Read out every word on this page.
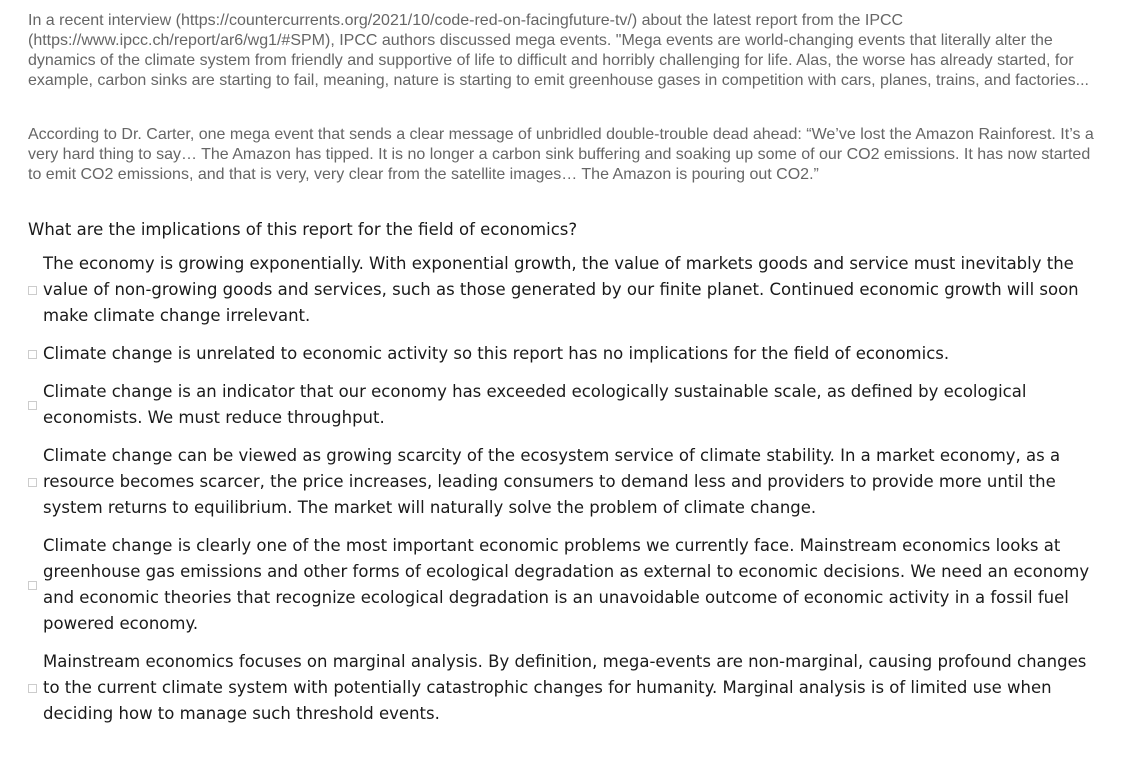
In a recent interview (https://countercurrents.org/2021/10/code-red-on-facingfuture-tv/) about the latest report from the IPCC (https://www.ipcc.ch/report/ar6/wg1/#SPM), IPCC authors discussed mega events. "Mega events are world-changing events that literally alter the dynamics of the climate system from friendly and supportive of life to difficult and horribly challenging for life. Alas, the worse has already started, for example, carbon sinks are starting to fail, meaning, nature is starting to emit greenhouse gases in competition with cars, planes, trains, and factories...

According to Dr. Carter, one mega event that sends a clear message of unbridled double-trouble dead ahead: “We’ve lost the Amazon Rainforest. It’s a very hard thing to say… The Amazon has tipped. It is no longer a carbon sink buffering and soaking up some of our CO2 emissions. It has now started to emit CO2 emissions, and that is very, very clear from the satellite images… The Amazon is pouring out CO2.”

What are the implications of this report for the field of economics?

The economy is growing exponentially. With exponential growth, the value of markets goods and service must inevitably the value of non-growing goods and services, such as those generated by our finite planet. Continued economic growth will soon make climate change irrelevant.
Climate change is unrelated to economic activity so this report has no implications for the field of economics.
Climate change is an indicator that our economy has exceeded ecologically sustainable scale, as defined by ecological economists. We must reduce throughput.
Climate change can be viewed as growing scarcity of the ecosystem service of climate stability. In a market economy, as a resource becomes scarcer, the price increases, leading consumers to demand less and providers to provide more until the system returns to equilibrium. The market will naturally solve the problem of climate change.
Climate change is clearly one of the most important economic problems we currently face. Mainstream economics looks at greenhouse gas emissions and other forms of ecological degradation as external to economic decisions. We need an economy and economic theories that recognize ecological degradation is an unavoidable outcome of economic activity in a fossil fuel powered economy.
Mainstream economics focuses on marginal analysis. By definition, mega-events are non-marginal, causing profound changes to the current climate system with potentially catastrophic changes for humanity. Marginal analysis is of limited use when deciding how to manage such threshold events.
